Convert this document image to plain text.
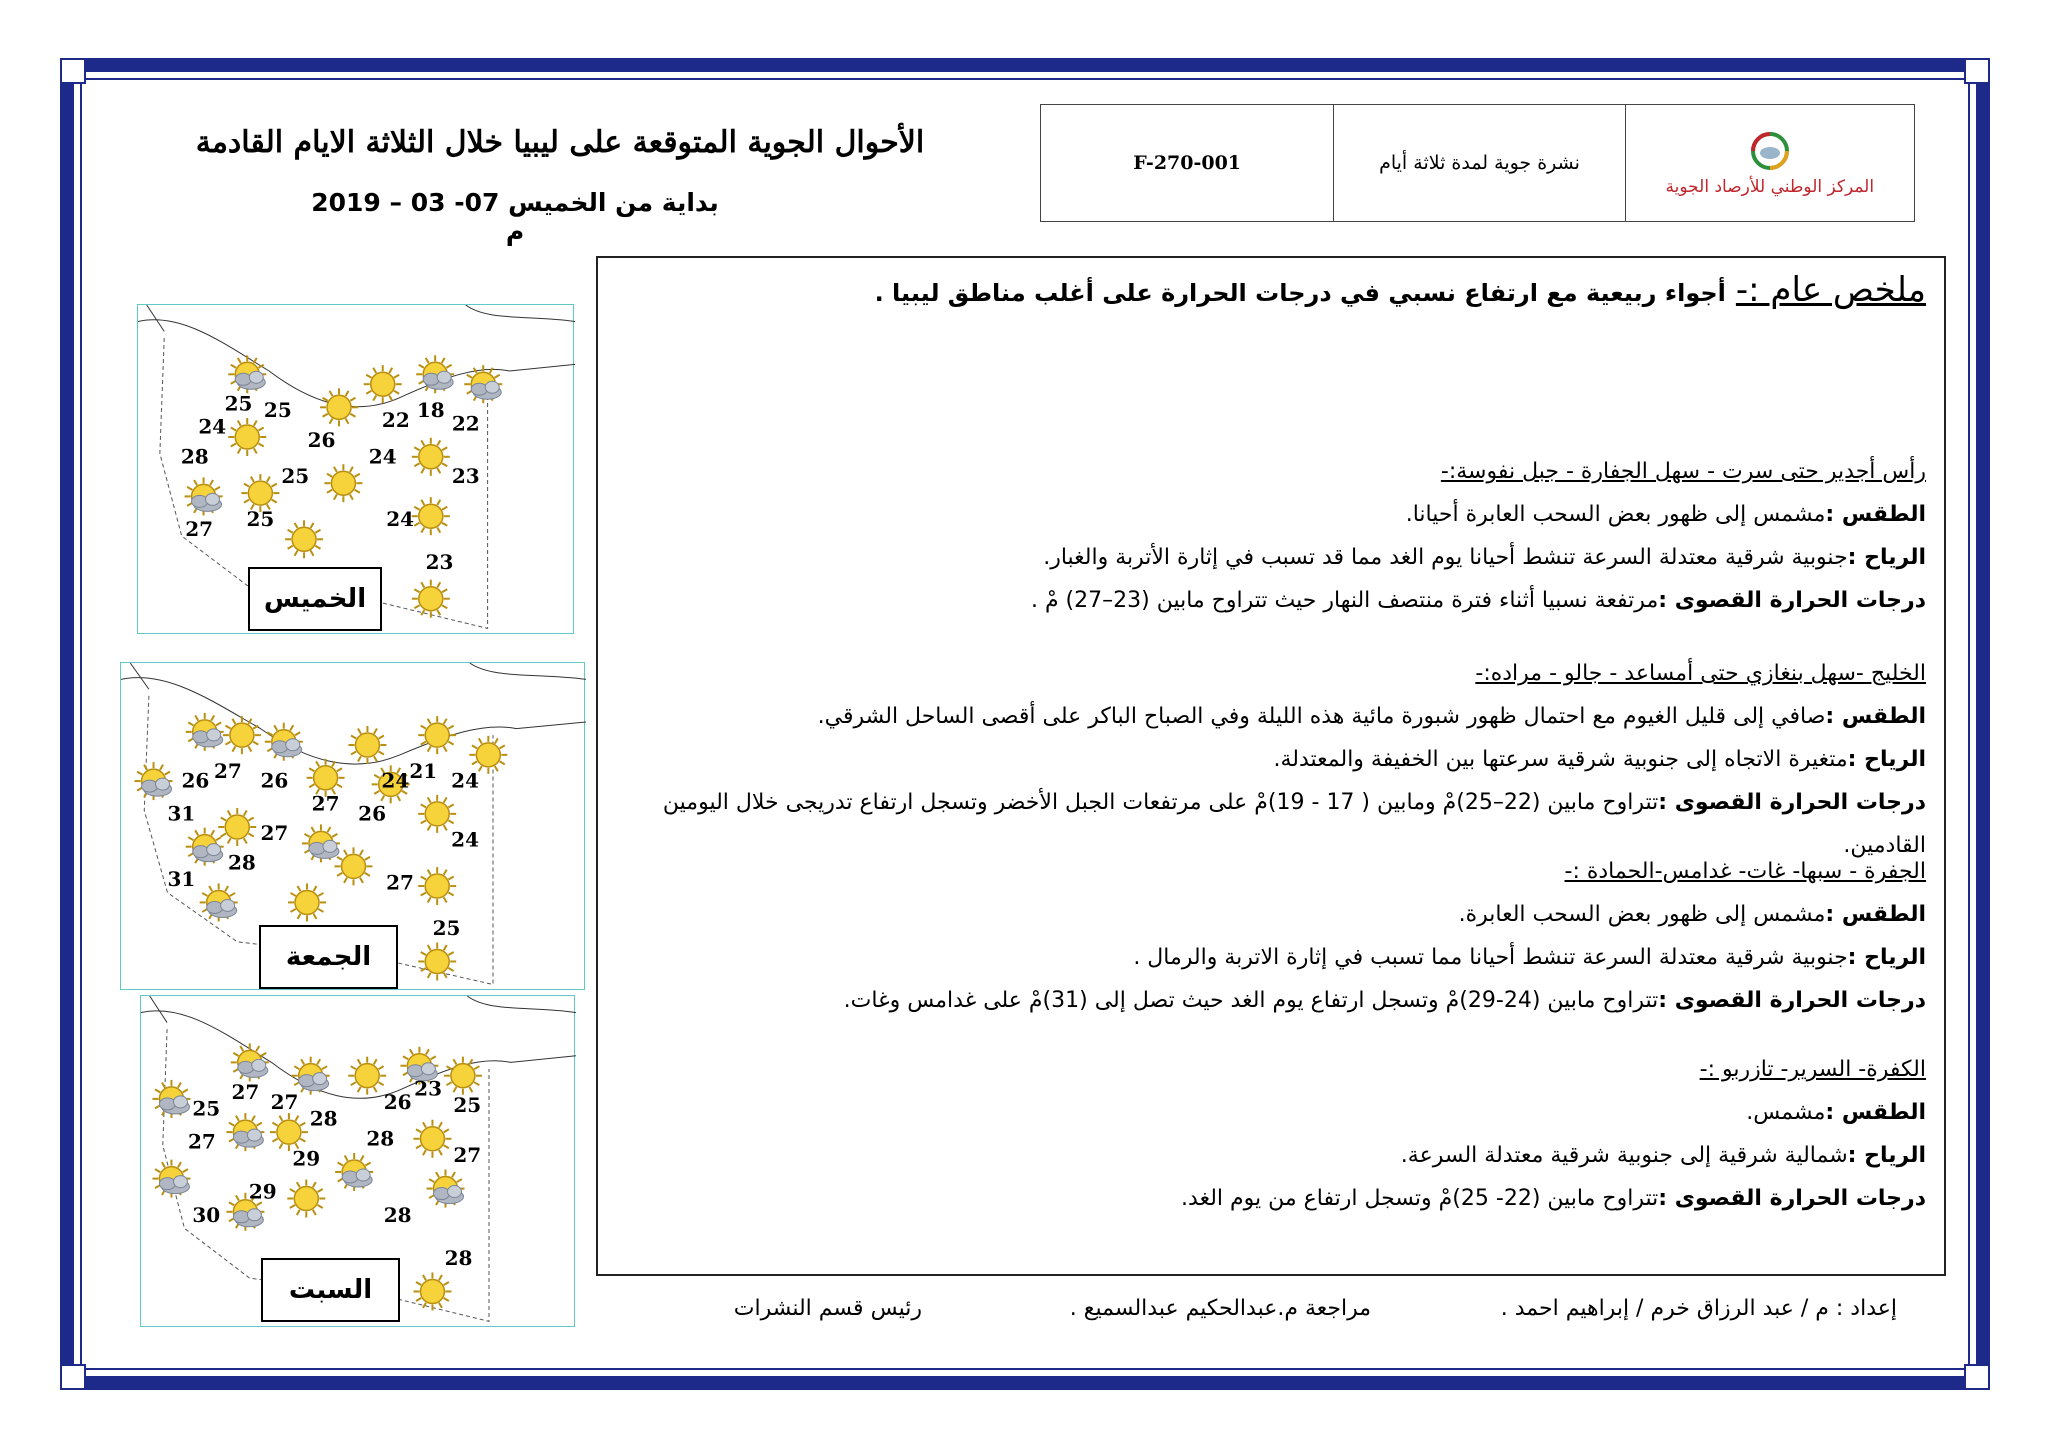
F-270-001	نشرة جوية لمدة ثلاثة أيام
المركز الوطني للأرصاد الجوية
الأحوال الجوية المتوقعة على ليبيا خلال الثلاثة الايام القادمة
بداية من الخميس 07- 03 – 2019 م
ملخص عام :-
أجواء ربيعية مع ارتفاع نسبي في درجات الحرارة على أغلب مناطق ليبيا .
رأس أجدير حتى سرت - سهل الجفارة - جبل نفوسة:-
الطقس :مشمس إلى ظهور بعض السحب العابرة أحيانا.
الرياح :جنوبية شرقية معتدلة السرعة تنشط أحيانا يوم الغد مما قد تسبب في إثارة الأتربة والغبار.
درجات الحرارة القصوى :مرتفعة نسبيا أثناء فترة منتصف النهار حيث تتراوح مابين (23–27) مْ .
الخليج -سهل بنغازي حتى أمساعد - جالو - مراده:-
الطقس :صافي إلى قليل الغيوم مع احتمال ظهور شبورة مائية هذه الليلة وفي الصباح الباكر على أقصى الساحل الشرقي.
الرياح :متغيرة الاتجاه إلى جنوبية شرقية سرعتها بين الخفيفة والمعتدلة.
درجات الحرارة القصوى :تتراوح مابين (22–25)مْ ومابين ( 17 - 19)مْ على مرتفعات الجبل الأخضر وتسجل ارتفاع تدريجى خلال اليومين القادمين.
الجفرة - سبها- غات- غدامس-الحمادة :-
الطقس :مشمس إلى ظهور بعض السحب العابرة.
الرياح :جنوبية شرقية معتدلة السرعة تنشط أحيانا مما تسبب في إثارة الاتربة والرمال .
درجات الحرارة القصوى :تتراوح مابين (24-29)مْ وتسجل ارتفاع يوم الغد حيث تصل إلى (31)مْ على غدامس وغات.
الكفرة- السرير- تازربو :-
الطقس :مشمس.
الرياح :شمالية شرقية إلى جنوبية شرقية معتدلة السرعة.
درجات الحرارة القصوى :تتراوح مابين (22- 25)مْ وتسجل ارتفاع من يوم الغد.
25 25
24
26
22 18
22
28	24
25	23
25	24
27
23
الخميس
26 27 26
27
24 21 24
26
31
27	24
28
31	27
25
الجمعة
25
27 27
28
26
23
25
27	28
29	27
29
30	28
28
السبت
إعداد : م / عبد الرزاق خرم / إبراهيم احمد .
مراجعة م.عبدالحكيم عبدالسميع .
رئيس قسم النشرات
